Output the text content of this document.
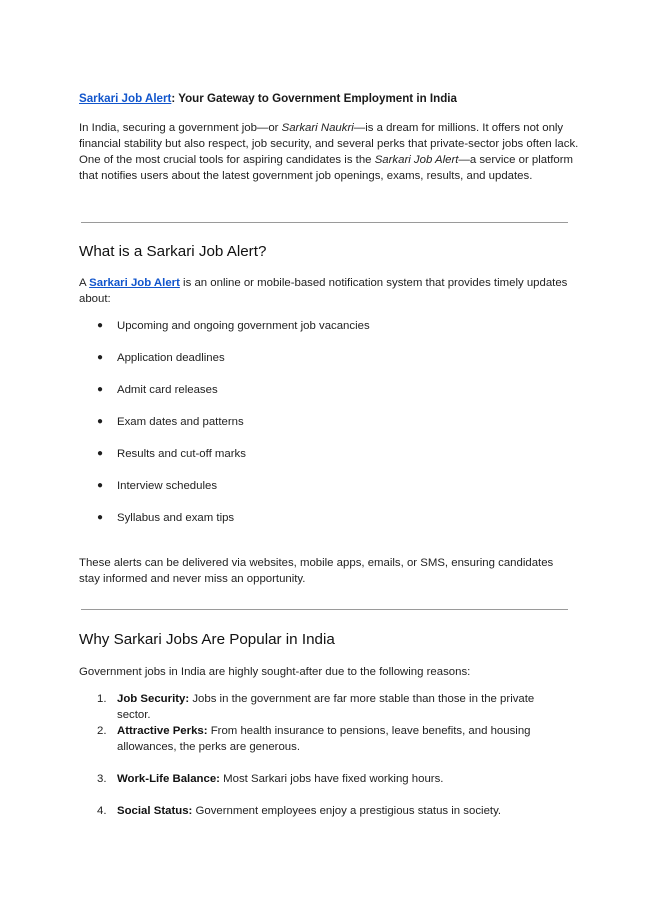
Sarkari Job Alert: Your Gateway to Government Employment in India
In India, securing a government job—or Sarkari Naukri—is a dream for millions. It offers not only financial stability but also respect, job security, and several perks that private-sector jobs often lack. One of the most crucial tools for aspiring candidates is the Sarkari Job Alert—a service or platform that notifies users about the latest government job openings, exams, results, and updates.
What is a Sarkari Job Alert?
A Sarkari Job Alert is an online or mobile-based notification system that provides timely updates about:
● Upcoming and ongoing government job vacancies
● Application deadlines
● Admit card releases
● Exam dates and patterns
● Results and cut-off marks
● Interview schedules
● Syllabus and exam tips
These alerts can be delivered via websites, mobile apps, emails, or SMS, ensuring candidates stay informed and never miss an opportunity.
Why Sarkari Jobs Are Popular in India
Government jobs in India are highly sought-after due to the following reasons:
1. Job Security: Jobs in the government are far more stable than those in the private sector.
2. Attractive Perks: From health insurance to pensions, leave benefits, and housing allowances, the perks are generous.
3. Work-Life Balance: Most Sarkari jobs have fixed working hours.
4. Social Status: Government employees enjoy a prestigious status in society.
